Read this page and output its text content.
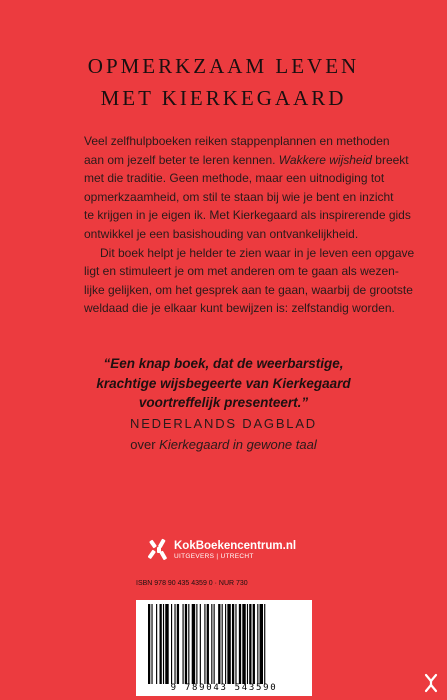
OPMERKZAAM LEVEN
MET KIERKEGAARD
Veel zelfhulpboeken reiken stappenplannen en methoden
aan om jezelf beter te leren kennen. Wakkere wijsheid breekt
met die traditie. Geen methode, maar een uitnodiging tot
opmerkzaamheid, om stil te staan bij wie je bent en inzicht
te krijgen in je eigen ik. Met Kierkegaard als inspirerende gids
ontwikkel je een basishouding van ontvankelijkheid.
Dit boek helpt je helder te zien waar in je leven een opgave
ligt en stimuleert je om met anderen om te gaan als wezen-
lijke gelijken, om het gesprek aan te gaan, waarbij de grootste
weldaad die je elkaar kunt bewijzen is: zelfstandig worden.
“Een knap boek, dat de weerbarstige,
krachtige wijsbegeerte van Kierkegaard
voortreffelijk presenteert.”
NEDERLANDS DAGBLAD
over Kierkegaard in gewone taal
KokBoekencentrum.nl
UITGEVERS | UTRECHT
ISBN 978 90 435 4359 0 · NUR 730
9 789043 543590
